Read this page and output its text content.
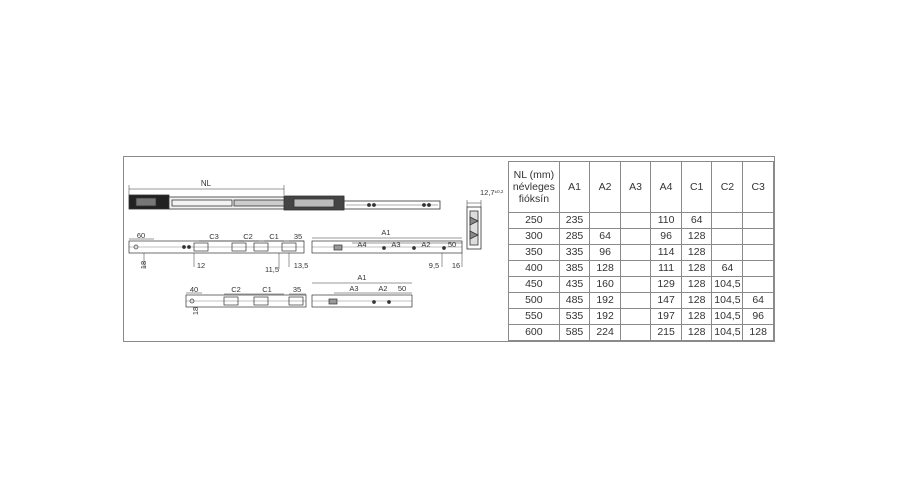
NL
60	C3	C2 C1 35
18	12	11,5 13,5
40	C2	C1	35
18
A1
A4	A3	A2 50
9,5 16
A1
A3	A2 50
$12,7^{\pm 0,2}$
NL (mm)
névleges
fióksín	A1	A2	A3	A4	C1	C2	C3

250	235			110	64		
300	285	64		96	128		
350	335	96		114	128		
400	385	128		111	128	64	
450	435	160		129	128	104,5	
500	485	192		147	128	104,5	64
550	535	192		197	128	104,5	96
600	585	224		215	128	104,5	128
